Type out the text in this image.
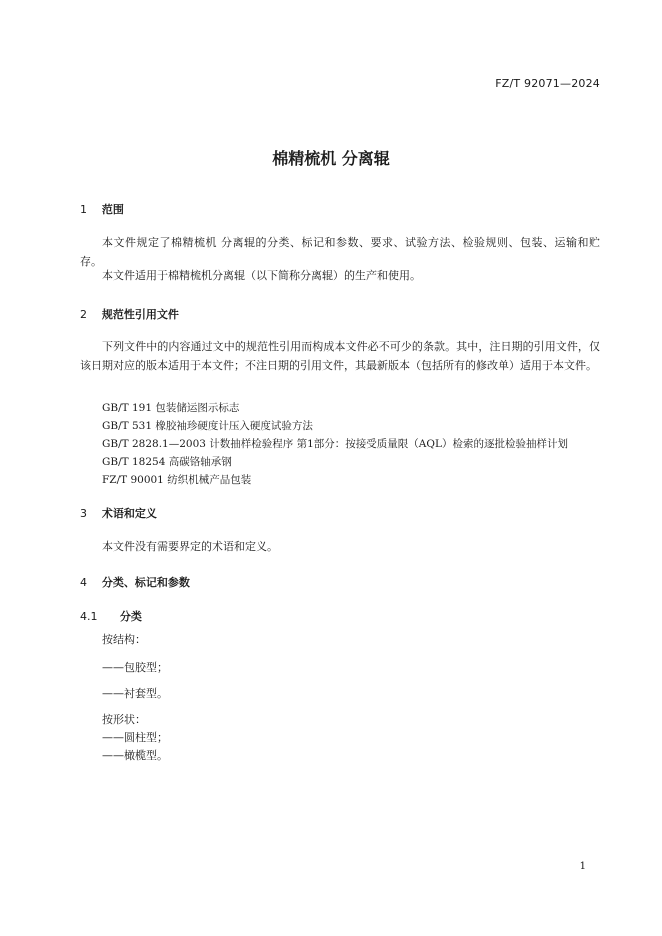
FZ/T 92071—2024
棉精梳机 分离辊
1 范围
本文件规定了棉精梳机 分离辊的分类、标记和参数、要求、试验方法、检验规则、包装、运输和贮存。
本文件适用于棉精梳机分离辊（以下简称分离辊）的生产和使用。
2 规范性引用文件
下列文件中的内容通过文中的规范性引用而构成本文件必不可少的条款。其中，注日期的引用文件，仅该日期对应的版本适用于本文件；不注日期的引用文件，其最新版本（包括所有的修改单）适用于本文件。
GB/T 191 包装储运图示标志
GB/T 531 橡胶袖珍硬度计压入硬度试验方法
GB/T 2828.1—2003 计数抽样检验程序 第1部分：按接受质量限（AQL）检索的逐批检验抽样计划
GB/T 18254 高碳铬轴承钢
FZ/T 90001 纺织机械产品包装
3 术语和定义
本文件没有需要界定的术语和定义。
4 分类、标记和参数
4.1 分类
按结构：
——包胶型；
——衬套型。
按形状：
——圆柱型；
——橄榄型。
1
